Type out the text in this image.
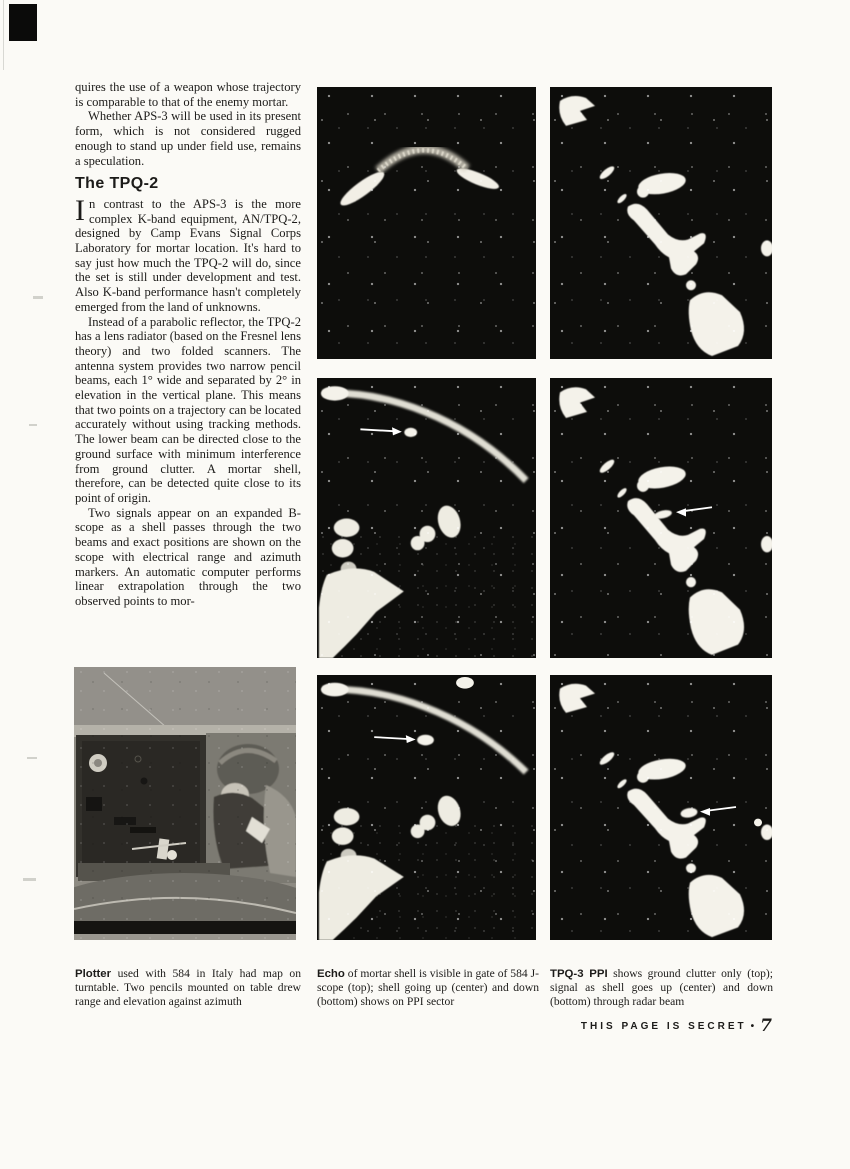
quires the use of a weapon whose trajectory is comparable to that of the enemy mortar.

Whether APS-3 will be used in its present form, which is not considered rugged enough to stand up under field use, remains a speculation.

The TPQ-2

In contrast to the APS-3 is the more complex K-band equipment, AN/TPQ-2, designed by Camp Evans Signal Corps Laboratory for mortar location. It's hard to say just how much the TPQ-2 will do, since the set is still under development and test. Also K-band performance hasn't completely emerged from the land of unknowns.

Instead of a parabolic reflector, the TPQ-2 has a lens radiator (based on the Fresnel lens theory) and two folded scanners. The antenna system provides two narrow pencil beams, each 1° wide and separated by 2° in elevation in the vertical plane. This means that two points on a trajectory can be located accurately without using tracking methods. The lower beam can be directed close to the ground surface with minimum interference from ground clutter. A mortar shell, therefore, can be detected quite close to its point of origin.

Two signals appear on an expanded B-scope as a shell passes through the two beams and exact positions are shown on the scope with electrical range and azimuth markers. An automatic computer performs linear extrapolation through the two observed points to mor-

Plotter used with 584 in Italy had map on turntable. Two pencils mounted on table drew range and elevation against azimuth

Echo of mortar shell is visible in gate of 584 J-scope (top); shell going up (center) and down (bottom) shows on PPI sector

TPQ-3 PPI shows ground clutter only (top); signal as shell goes up (center) and down (bottom) through radar beam

THIS PAGE IS SECRET • 7
